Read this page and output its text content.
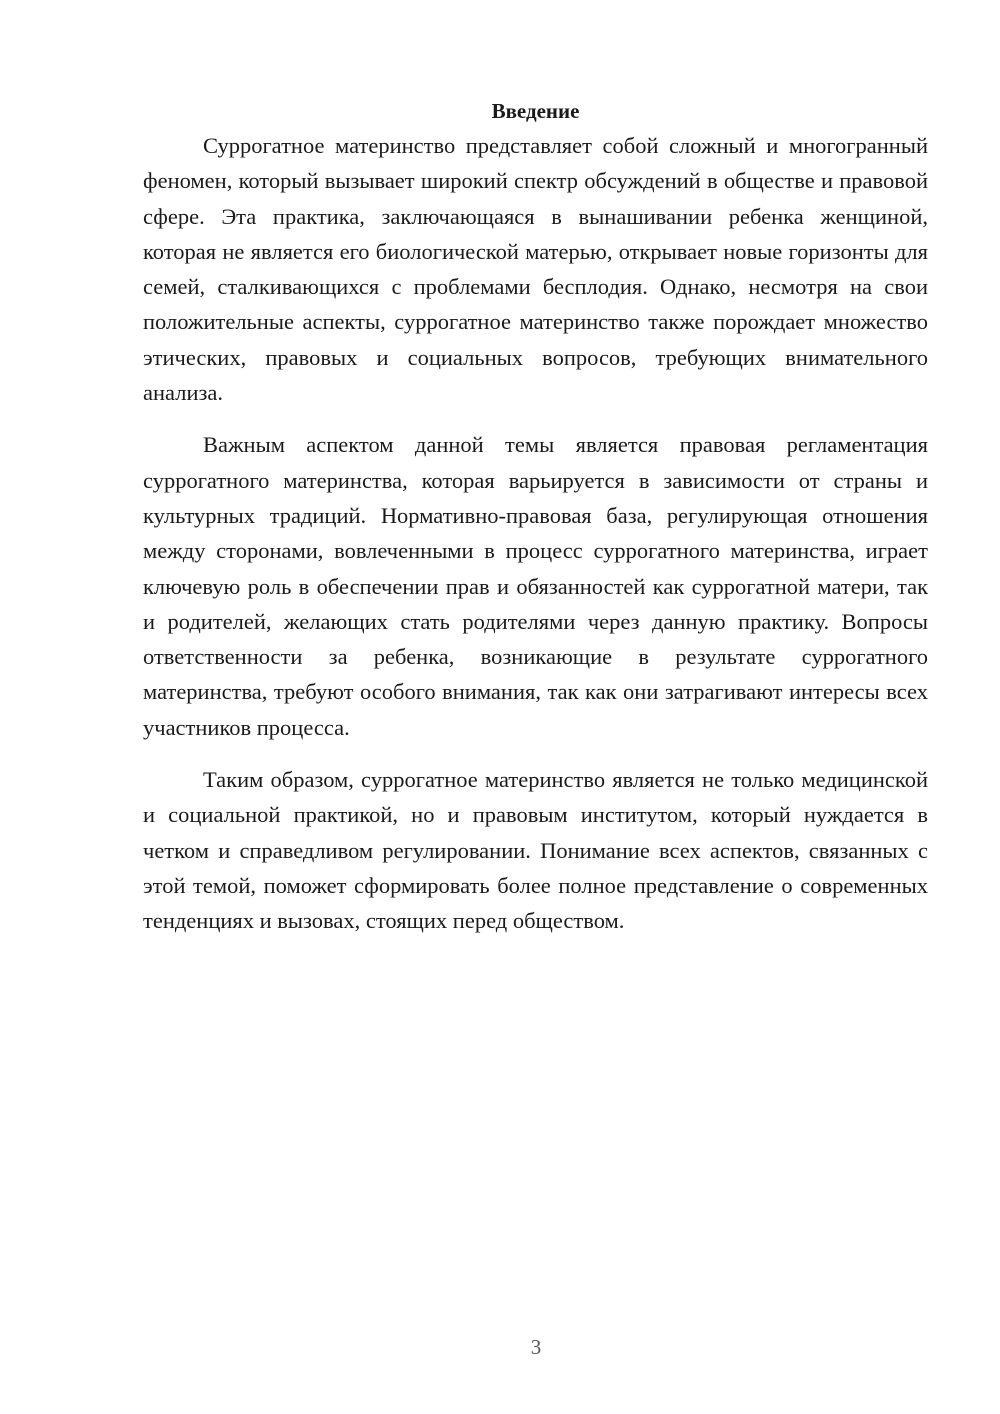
Введение

Суррогатное материнство представляет собой сложный и многогранный феномен, который вызывает широкий спектр обсуждений в обществе и правовой сфере. Эта практика, заключающаяся в вынашивании ребенка женщиной, которая не является его биологической матерью, открывает новые горизонты для семей, сталкивающихся с проблемами бесплодия. Однако, несмотря на свои положительные аспекты, суррогатное материнство также порождает множество этических, правовых и социальных вопросов, требующих внимательного анализа.

Важным аспектом данной темы является правовая регламентация суррогатного материнства, которая варьируется в зависимости от страны и культурных традиций. Нормативно-правовая база, регулирующая отношения между сторонами, вовлеченными в процесс суррогатного материнства, играет ключевую роль в обеспечении прав и обязанностей как суррогатной матери, так и родителей, желающих стать родителями через данную практику. Вопросы ответственности за ребенка, возникающие в результате суррогатного материнства, требуют особого внимания, так как они затрагивают интересы всех участников процесса.

Таким образом, суррогатное материнство является не только медицинской и социальной практикой, но и правовым институтом, который нуждается в четком и справедливом регулировании. Понимание всех аспектов, связанных с этой темой, поможет сформировать более полное представление о современных тенденциях и вызовах, стоящих перед обществом.

3
